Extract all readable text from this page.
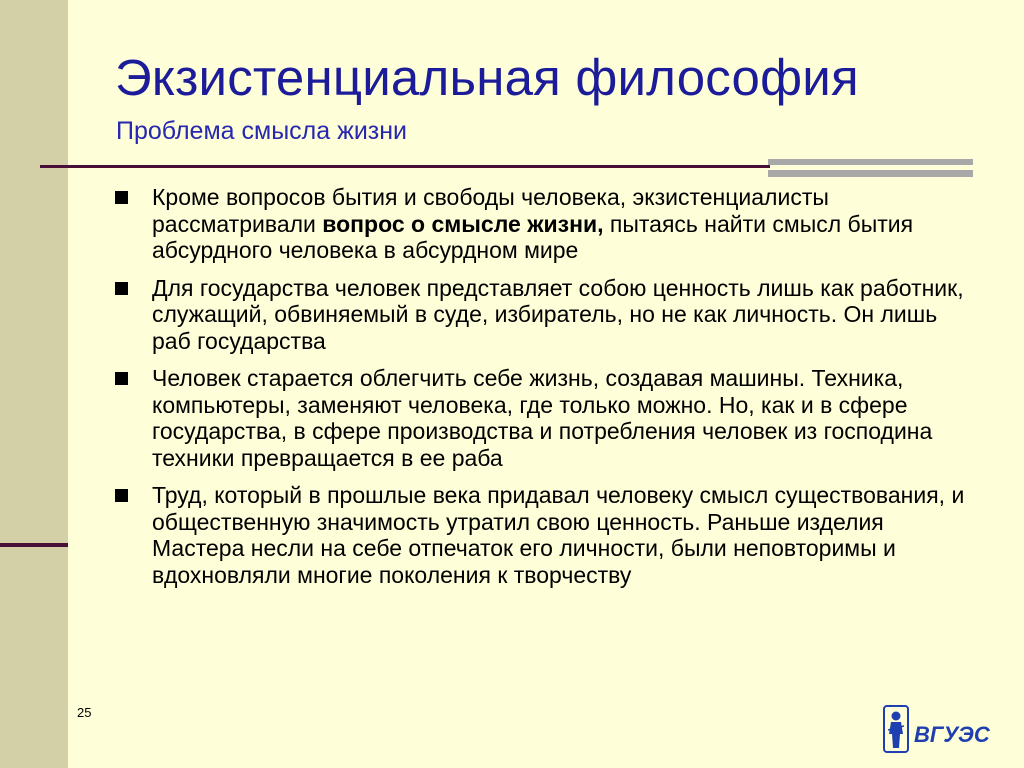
Экзистенциальная философия
Проблема смысла жизни
Кроме вопросов бытия и свободы человека, экзистенциалисты рассматривали вопрос о смысле жизни, пытаясь найти смысл бытия абсурдного человека в абсурдном мире
Для государства человек представляет собою ценность лишь как работник, служащий, обвиняемый в суде, избиратель, но не как личность. Он лишь раб государства
Человек старается облегчить себе жизнь, создавая машины. Техника, компьютеры, заменяют человека, где только можно. Но, как и в сфере государства, в сфере производства и потребления человек из господина техники превращается в ее раба
Труд, который в прошлые века придавал человеку смысл существования, и общественную значимость утратил свою ценность. Раньше изделия Мастера несли на себе отпечаток его личности, были неповторимы и вдохновляли многие поколения к творчеству
25
ВГУЭС
